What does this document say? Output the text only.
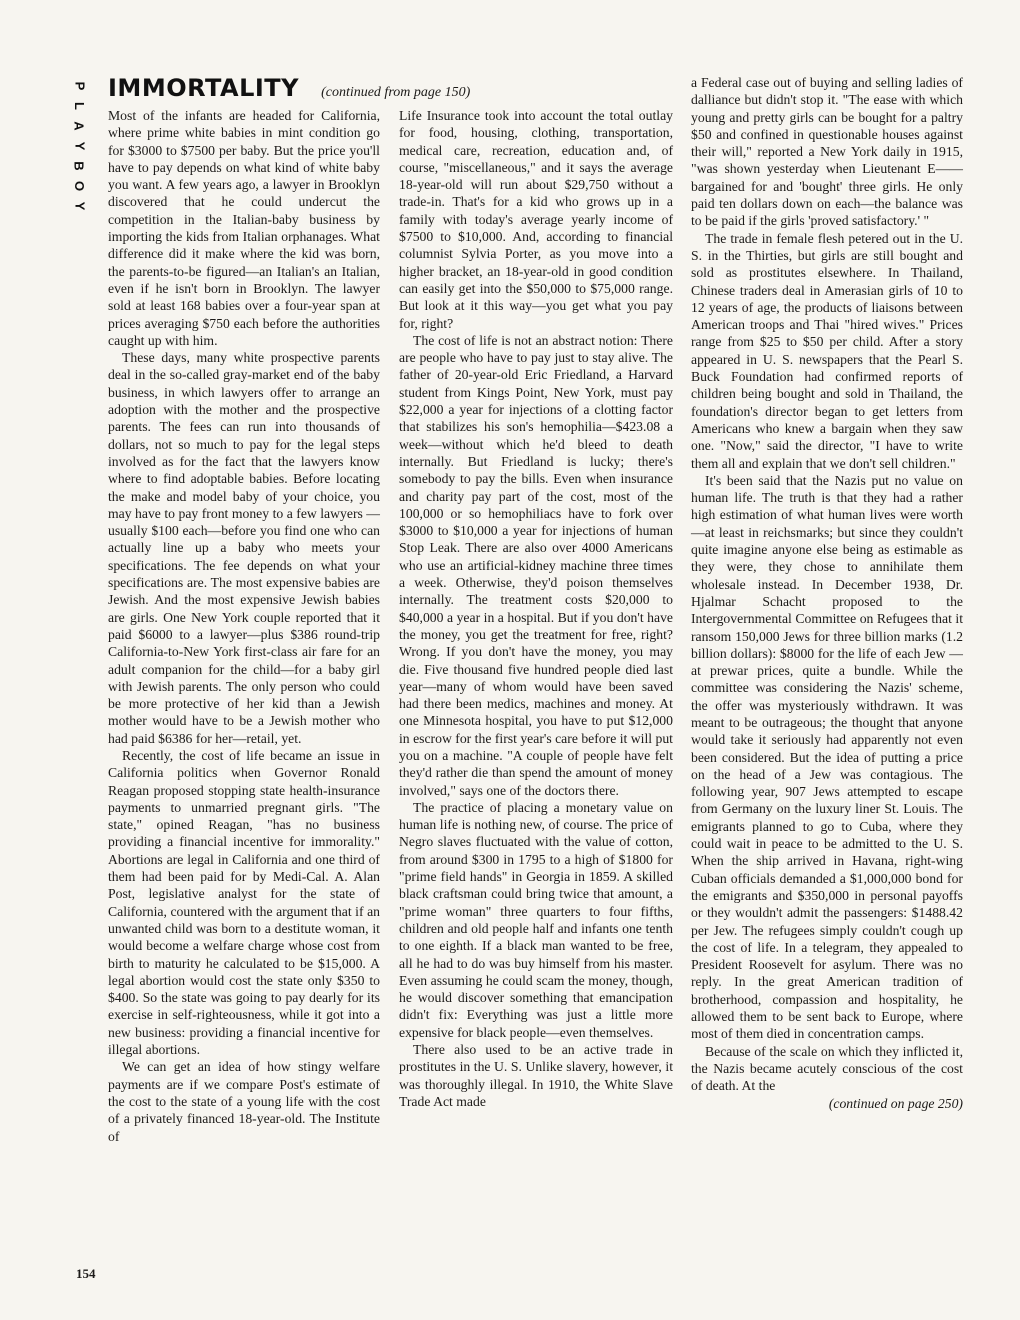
P
L
A
Y
B
O
Y
IMMORTALITY (continued from page 150)

Most of the infants are headed for California, where prime white babies in mint condition go for $3000 to $7500 per baby. But the price you'll have to pay depends on what kind of white baby you want. A few years ago, a lawyer in Brooklyn discovered that he could undercut the competition in the Italian-baby business by importing the kids from Italian orphanages. What difference did it make where the kid was born, the parents-to-be figured—an Italian's an Italian, even if he isn't born in Brooklyn. The lawyer sold at least 168 babies over a four-year span at prices averaging $750 each before the authorities caught up with him.

These days, many white prospective parents deal in the so-called gray-market end of the baby business, in which lawyers offer to arrange an adoption with the mother and the prospective parents. The fees can run into thousands of dollars, not so much to pay for the legal steps involved as for the fact that the lawyers know where to find adoptable babies. Before locating the make and model baby of your choice, you may have to pay front money to a few lawyers —usually $100 each—before you find one who can actually line up a baby who meets your specifications. The fee depends on what your specifications are. The most expensive babies are Jewish. And the most expensive Jewish babies are girls. One New York couple reported that it paid $6000 to a lawyer—plus $386 round-trip California-to-New York first-class air fare for an adult companion for the child—for a baby girl with Jewish parents. The only person who could be more protective of her kid than a Jewish mother would have to be a Jewish mother who had paid $6386 for her—retail, yet.

Recently, the cost of life became an issue in California politics when Governor Ronald Reagan proposed stopping state health-insurance payments to unmarried pregnant girls. "The state," opined Reagan, "has no business providing a financial incentive for immorality." Abortions are legal in California and one third of them had been paid for by Medi-Cal. A. Alan Post, legislative analyst for the state of California, countered with the argument that if an unwanted child was born to a destitute woman, it would become a welfare charge whose cost from birth to maturity he calculated to be $15,000. A legal abortion would cost the state only $350 to $400. So the state was going to pay dearly for its exercise in self-righteousness, while it got into a new business: providing a financial incentive for illegal abortions.

We can get an idea of how stingy welfare payments are if we compare Post's estimate of the cost to the state of a young life with the cost of a privately financed 18-year-old. The Institute of

Life Insurance took into account the total outlay for food, housing, clothing, transportation, medical care, recreation, education and, of course, "miscellaneous," and it says the average 18-year-old will run about $29,750 without a trade-in. That's for a kid who grows up in a family with today's average yearly income of $7500 to $10,000. And, according to financial columnist Sylvia Porter, as you move into a higher bracket, an 18-year-old in good condition can easily get into the $50,000 to $75,000 range. But look at it this way—you get what you pay for, right?

The cost of life is not an abstract notion: There are people who have to pay just to stay alive. The father of 20-year-old Eric Friedland, a Harvard student from Kings Point, New York, must pay $22,000 a year for injections of a clotting factor that stabilizes his son's hemophilia—$423.08 a week—without which he'd bleed to death internally. But Friedland is lucky; there's somebody to pay the bills. Even when insurance and charity pay part of the cost, most of the 100,000 or so hemophiliacs have to fork over $3000 to $10,000 a year for injections of human Stop Leak. There are also over 4000 Americans who use an artificial-kidney machine three times a week. Otherwise, they'd poison themselves internally. The treatment costs $20,000 to $40,000 a year in a hospital. But if you don't have the money, you get the treatment for free, right? Wrong. If you don't have the money, you may die. Five thousand five hundred people died last year—many of whom would have been saved had there been medics, machines and money. At one Minnesota hospital, you have to put $12,000 in escrow for the first year's care before it will put you on a machine. "A couple of people have felt they'd rather die than spend the amount of money involved," says one of the doctors there.

The practice of placing a monetary value on human life is nothing new, of course. The price of Negro slaves fluctuated with the value of cotton, from around $300 in 1795 to a high of $1800 for "prime field hands" in Georgia in 1859. A skilled black craftsman could bring twice that amount, a "prime woman" three quarters to four fifths, children and old people half and infants one tenth to one eighth. If a black man wanted to be free, all he had to do was buy himself from his master. Even assuming he could scam the money, though, he would discover something that emancipation didn't fix: Everything was just a little more expensive for black people—even themselves.

There also used to be an active trade in prostitutes in the U. S. Unlike slavery, however, it was thoroughly illegal. In 1910, the White Slave Trade Act made

a Federal case out of buying and selling ladies of dalliance but didn't stop it. "The ease with which young and pretty girls can be bought for a paltry $50 and confined in questionable houses against their will," reported a New York daily in 1915, "was shown yesterday when Lieutenant E—— bargained for and 'bought' three girls. He only paid ten dollars down on each—the balance was to be paid if the girls 'proved satisfactory.' "

The trade in female flesh petered out in the U. S. in the Thirties, but girls are still bought and sold as prostitutes elsewhere. In Thailand, Chinese traders deal in Amerasian girls of 10 to 12 years of age, the products of liaisons between American troops and Thai "hired wives." Prices range from $25 to $50 per child. After a story appeared in U. S. newspapers that the Pearl S. Buck Foundation had confirmed reports of children being bought and sold in Thailand, the foundation's director began to get letters from Americans who knew a bargain when they saw one. "Now," said the director, "I have to write them all and explain that we don't sell children."

It's been said that the Nazis put no value on human life. The truth is that they had a rather high estimation of what human lives were worth—at least in reichsmarks; but since they couldn't quite imagine anyone else being as estimable as they were, they chose to annihilate them wholesale instead. In December 1938, Dr. Hjalmar Schacht proposed to the Intergovernmental Committee on Refugees that it ransom 150,000 Jews for three billion marks (1.2 billion dollars): $8000 for the life of each Jew —at prewar prices, quite a bundle. While the committee was considering the Nazis' scheme, the offer was mysteriously withdrawn. It was meant to be outrageous; the thought that anyone would take it seriously had apparently not even been considered. But the idea of putting a price on the head of a Jew was contagious. The following year, 907 Jews attempted to escape from Germany on the luxury liner St. Louis. The emigrants planned to go to Cuba, where they could wait in peace to be admitted to the U. S. When the ship arrived in Havana, right-wing Cuban officials demanded a $1,000,000 bond for the emigrants and $350,000 in personal payoffs or they wouldn't admit the passengers: $1488.42 per Jew. The refugees simply couldn't cough up the cost of life. In a telegram, they appealed to President Roosevelt for asylum. There was no reply. In the great American tradition of brotherhood, compassion and hospitality, he allowed them to be sent back to Europe, where most of them died in concentration camps.

Because of the scale on which they inflicted it, the Nazis became acutely conscious of the cost of death. At the

(continued on page 250)

154
